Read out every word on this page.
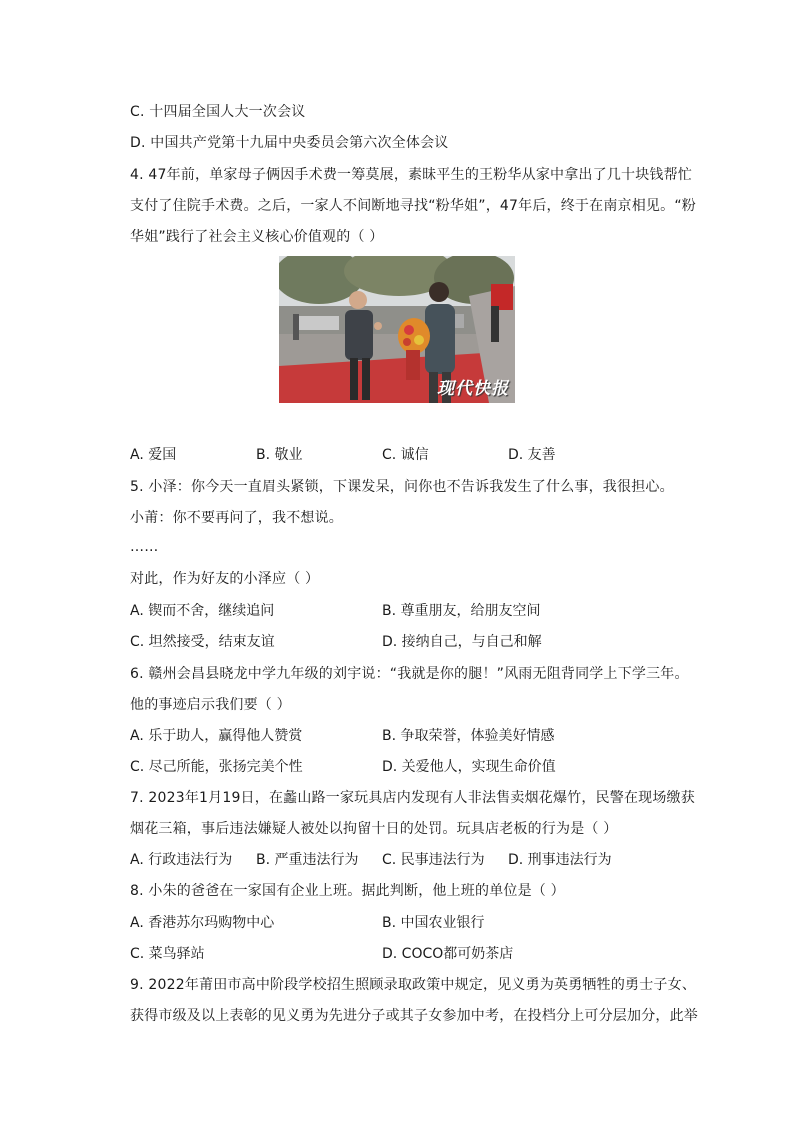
C. 十四届全国人大一次会议
D. 中国共产党第十九届中央委员会第六次全体会议
4. 47年前，单家母子俩因手术费一筹莫展，素昧平生的王粉华从家中拿出了几十块钱帮忙
支付了住院手术费。之后，一家人不间断地寻找“粉华姐”，47年后，终于在南京相见。“粉
华姐”践行了社会主义核心价值观的（ ）
现代快报
A. 爱国	B. 敬业	C. 诚信	D. 友善
5. 小泽：你今天一直眉头紧锁，下课发呆，问你也不告诉我发生了什么事，我很担心。
小莆：你不要再问了，我不想说。
……
对此，作为好友的小泽应（ ）
A. 锲而不舍，继续追问	B. 尊重朋友，给朋友空间
C. 坦然接受，结束友谊	D. 接纳自己，与自己和解
6. 赣州会昌县晓龙中学九年级的刘宇说：“我就是你的腿！”风雨无阻背同学上下学三年。
他的事迹启示我们要（ ）
A. 乐于助人，赢得他人赞赏	B. 争取荣誉，体验美好情感
C. 尽己所能，张扬完美个性	D. 关爱他人，实现生命价值
7. 2023年1月19日，在蠡山路一家玩具店内发现有人非法售卖烟花爆竹，民警在现场缴获
烟花三箱，事后违法嫌疑人被处以拘留十日的处罚。玩具店老板的行为是（ ）
A. 行政违法行为 B. 严重违法行为 C. 民事违法行为 D. 刑事违法行为
8. 小朱的爸爸在一家国有企业上班。据此判断，他上班的单位是（ ）
A. 香港苏尔玛购物中心	B. 中国农业银行
C. 菜鸟驿站	D. COCO都可奶茶店
9. 2022年莆田市高中阶段学校招生照顾录取政策中规定，见义勇为英勇牺牲的勇士子女、
获得市级及以上表彰的见义勇为先进分子或其子女参加中考，在投档分上可分层加分，此举
